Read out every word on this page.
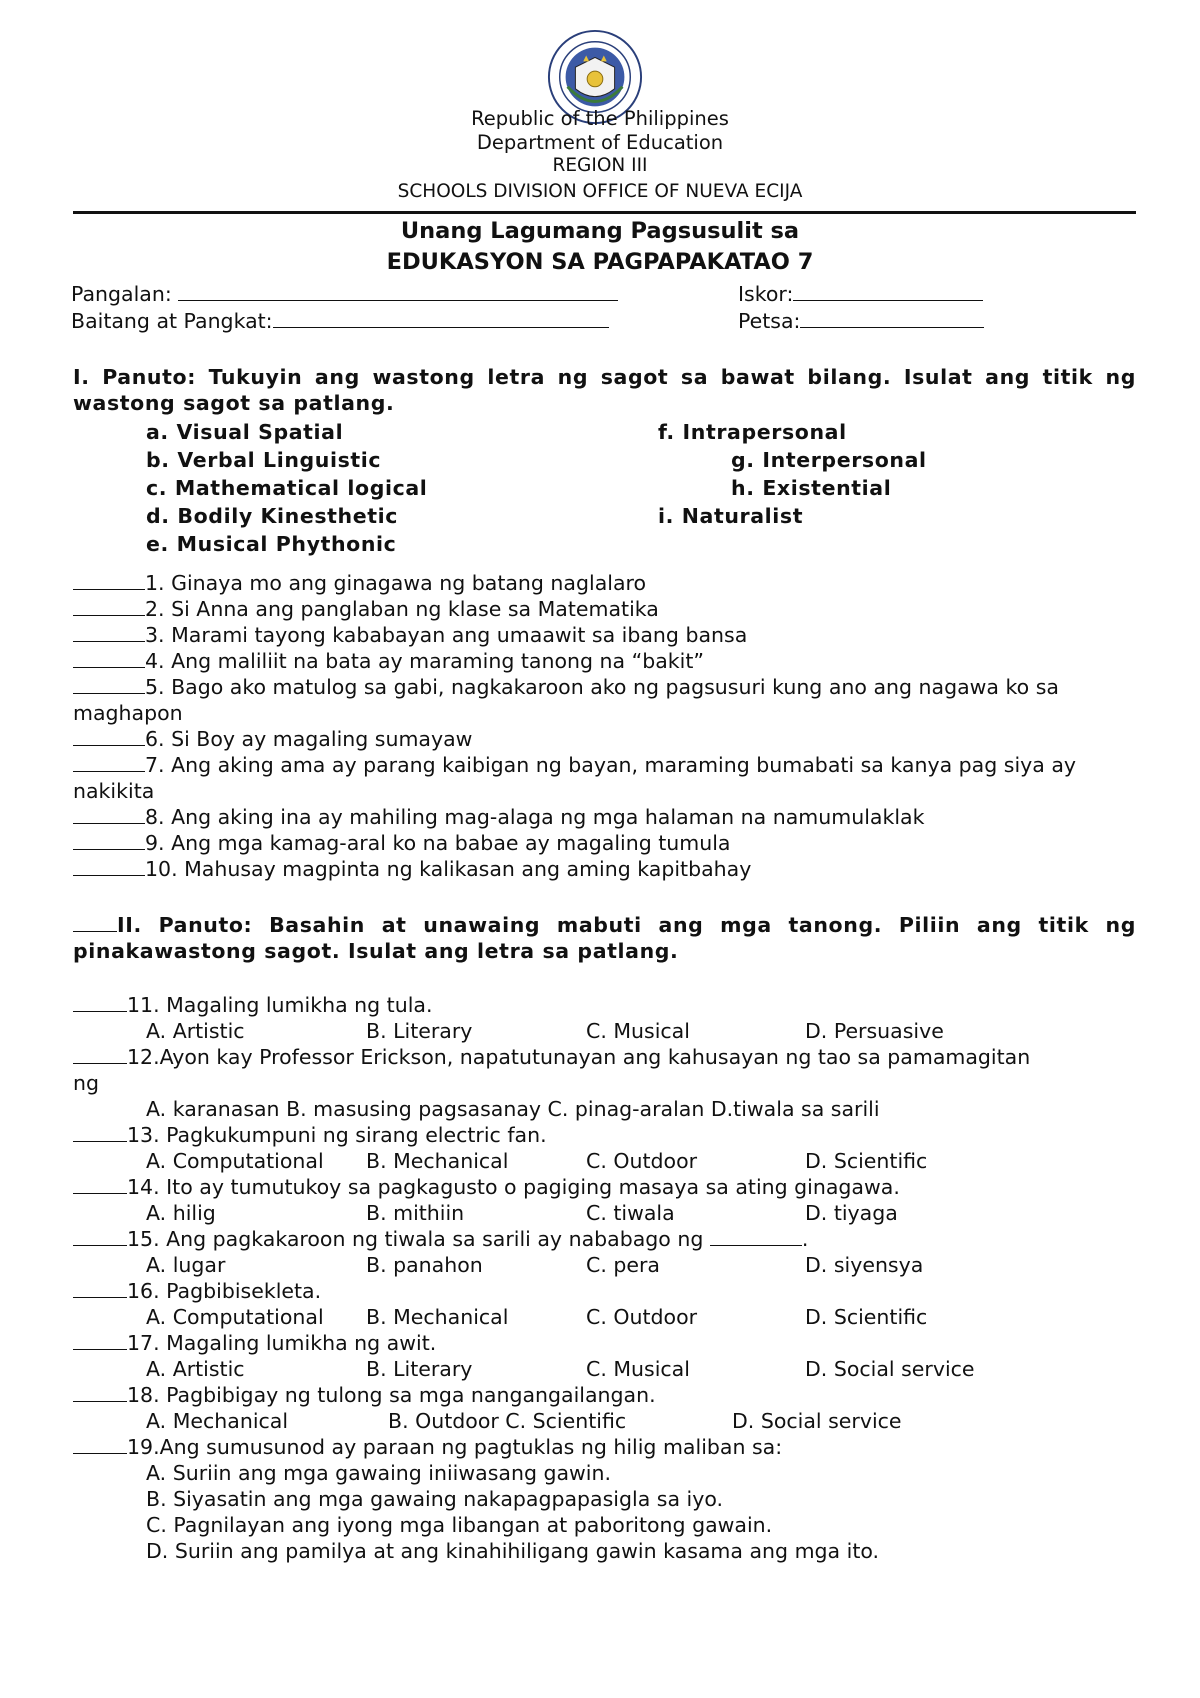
Republic of the Philippines
Department of Education
REGION III
SCHOOLS DIVISION OFFICE OF NUEVA ECIJA
Unang Lagumang Pagsusulit sa
EDUKASYON SA PAGPAPAKATAO 7
Pangalan:	Iskor:
Baitang at Pangkat:	Petsa:
I. Panuto: Tukuyin ang wastong letra ng sagot sa bawat bilang. Isulat ang titik ng wastong sagot sa patlang.
a. Visual Spatial
b. Verbal Linguistic
c. Mathematical logical
d. Bodily Kinesthetic
e. Musical Phythonic
f. Intrapersonal
g. Interpersonal
h. Existential
i. Naturalist
1. Ginaya mo ang ginagawa ng batang naglalaro
2. Si Anna ang panglaban ng klase sa Matematika
3. Marami tayong kababayan ang umaawit sa ibang bansa
4. Ang maliliit na bata ay maraming tanong na “bakit”
5. Bago ako matulog sa gabi, nagkakaroon ako ng pagsusuri kung ano ang nagawa ko sa
maghapon
6. Si Boy ay magaling sumayaw
7. Ang aking ama ay parang kaibigan ng bayan, maraming bumabati sa kanya pag siya ay
nakikita
8. Ang aking ina ay mahiling mag-alaga ng mga halaman na namumulaklak
9. Ang mga kamag-aral ko na babae ay magaling tumula
10. Mahusay magpinta ng kalikasan ang aming kapitbahay
II. Panuto: Basahin at unawaing mabuti ang mga tanong. Piliin ang titik ng pinakawastong sagot. Isulat ang letra sa patlang.
11. Magaling lumikha ng tula.
A. Artistic	B. Literary	C. Musical	D. Persuasive
12.Ayon kay Professor Erickson, napatutunayan ang kahusayan ng tao sa pamamagitan
ng
A. karanasan B. masusing pagsasanay C. pinag-aralan D.tiwala sa sarili
13. Pagkukumpuni ng sirang electric fan.
A. Computational B. Mechanical	C. Outdoor	D. Scientific
14. Ito ay tumutukoy sa pagkagusto o pagiging masaya sa ating ginagawa.
A. hilig	B. mithiin	C. tiwala	D. tiyaga
15. Ang pagkakaroon ng tiwala sa sarili ay nababago ng	.
A. lugar	B. panahon	C. pera	D. siyensya
16. Pagbibisekleta.
A. Computational B. Mechanical	C. Outdoor	D. Scientific
17. Magaling lumikha ng awit.
A. Artistic	B. Literary	C. Musical	D. Social service
18. Pagbibigay ng tulong sa mga nangangailangan.
A. Mechanical	B. Outdoor C. Scientific	D. Social service
19.Ang sumusunod ay paraan ng pagtuklas ng hilig maliban sa:
A. Suriin ang mga gawaing iniiwasang gawin.
B. Siyasatin ang mga gawaing nakapagpapasigla sa iyo.
C. Pagnilayan ang iyong mga libangan at paboritong gawain.
D. Suriin ang pamilya at ang kinahihiligang gawin kasama ang mga ito.
